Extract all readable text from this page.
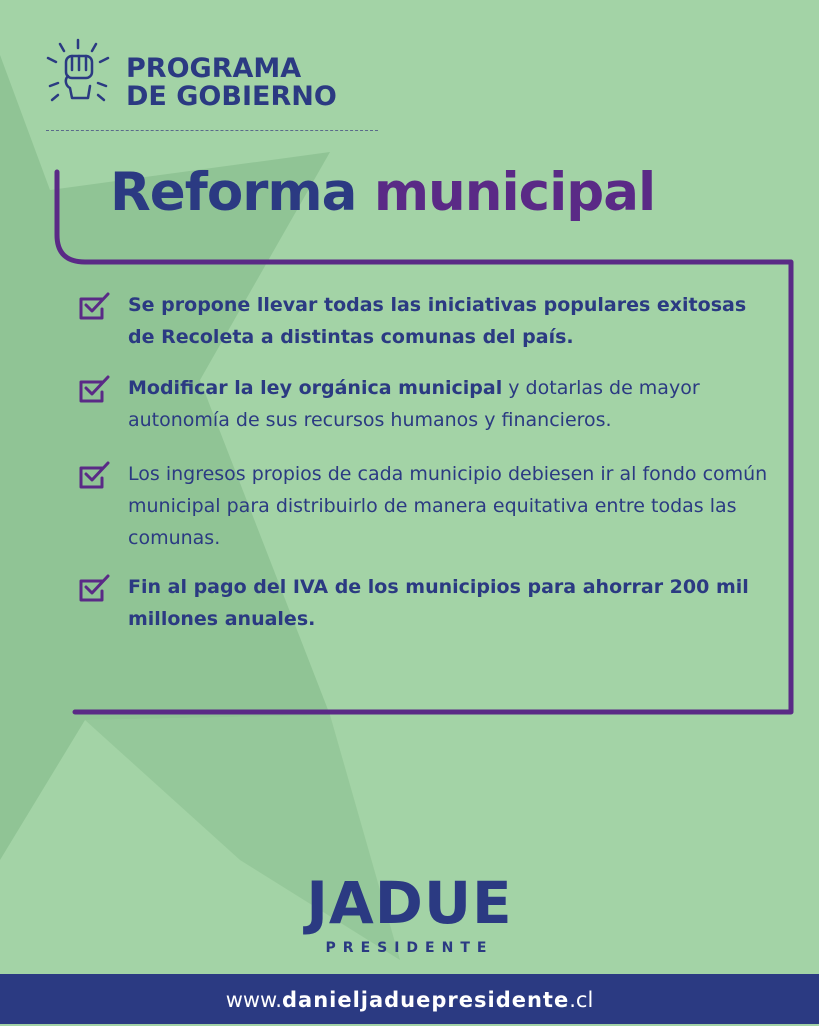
PROGRAMA
DE GOBIERNO
Reforma municipal
Se propone llevar todas las iniciativas populares exitosas de Recoleta a distintas comunas del país.
Modificar la ley orgánica municipal y dotarlas de mayor autonomía de sus recursos humanos y financieros.
Los ingresos propios de cada municipio debiesen ir al fondo común municipal para distribuirlo de manera equitativa entre todas las comunas.
Fin al pago del IVA de los municipios para ahorrar 200 mil millones anuales.
JADUE
PRESIDENTE
www.danieljaduepresidente.cl
